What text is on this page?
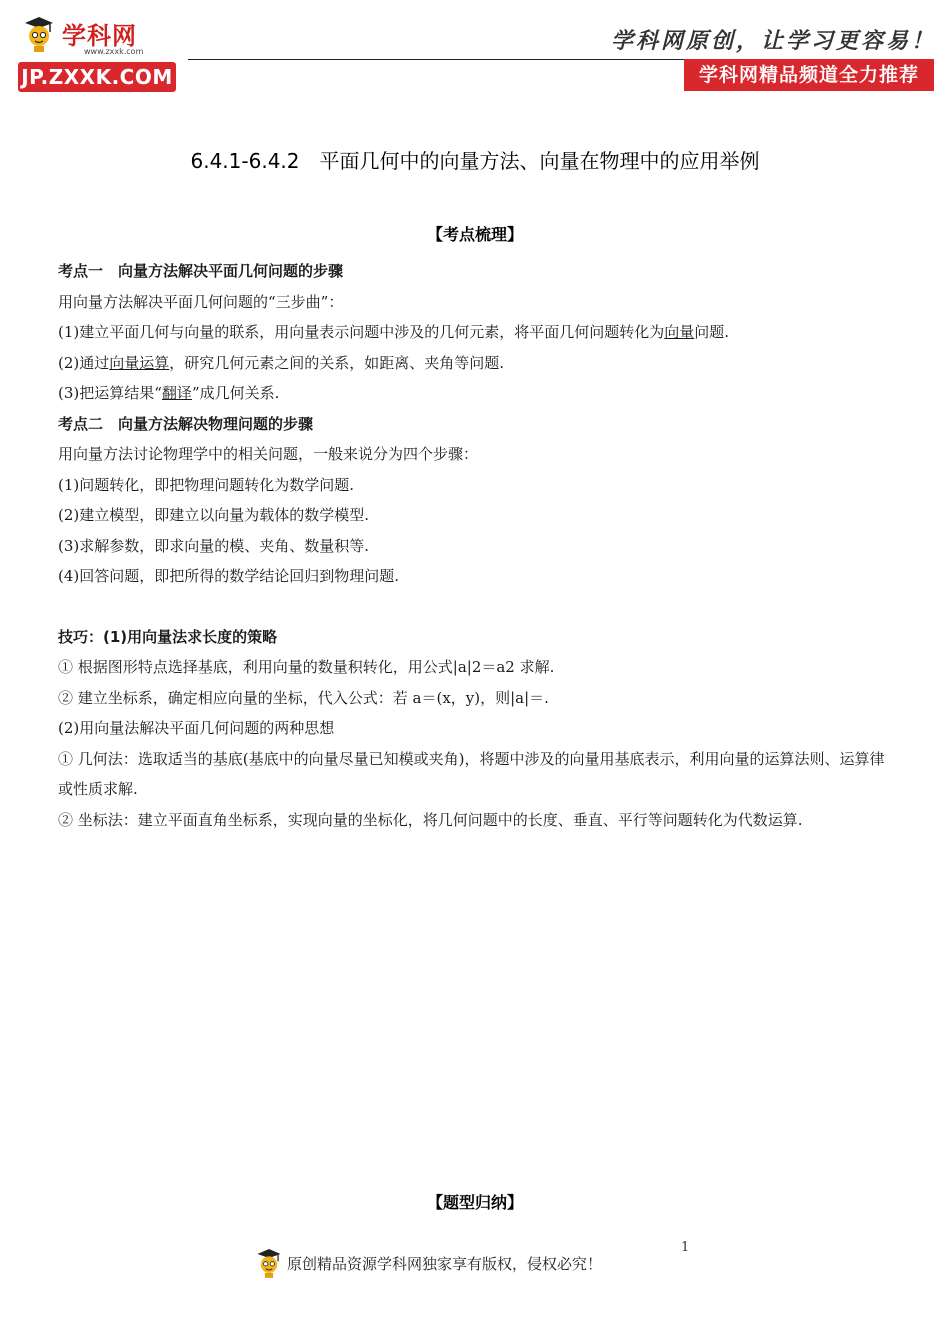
学科网
www.zxxk.com
JP.ZXXK.COM
学科网原创，让学习更容易！
学科网精品频道全力推荐
6.4.1-6.4.2　平面几何中的向量方法、向量在物理中的应用举例
【考点梳理】
考点一　向量方法解决平面几何问题的步骤
用向量方法解决平面几何问题的“三步曲”：
(1)建立平面几何与向量的联系，用向量表示问题中涉及的几何元素，将平面几何问题转化为向量问题.
(2)通过向量运算，研究几何元素之间的关系，如距离、夹角等问题.
(3)把运算结果“翻译”成几何关系.
考点二　向量方法解决物理问题的步骤
用向量方法讨论物理学中的相关问题，一般来说分为四个步骤：
(1)问题转化，即把物理问题转化为数学问题.
(2)建立模型，即建立以向量为载体的数学模型.
(3)求解参数，即求向量的模、夹角、数量积等.
(4)回答问题，即把所得的数学结论回归到物理问题.
技巧：(1)用向量法求长度的策略
① 根据图形特点选择基底，利用向量的数量积转化，用公式|a|2＝a2 求解.
② 建立坐标系，确定相应向量的坐标，代入公式：若 a＝(x，y)，则|a|＝.
(2)用向量法解决平面几何问题的两种思想
① 几何法：选取适当的基底(基底中的向量尽量已知模或夹角)，将题中涉及的向量用基底表示，利用向量的运算法则、运算律或性质求解.
② 坐标法：建立平面直角坐标系，实现向量的坐标化，将几何问题中的长度、垂直、平行等问题转化为代数运算.
【题型归纳】
1
原创精品资源学科网独家享有版权，侵权必究！
